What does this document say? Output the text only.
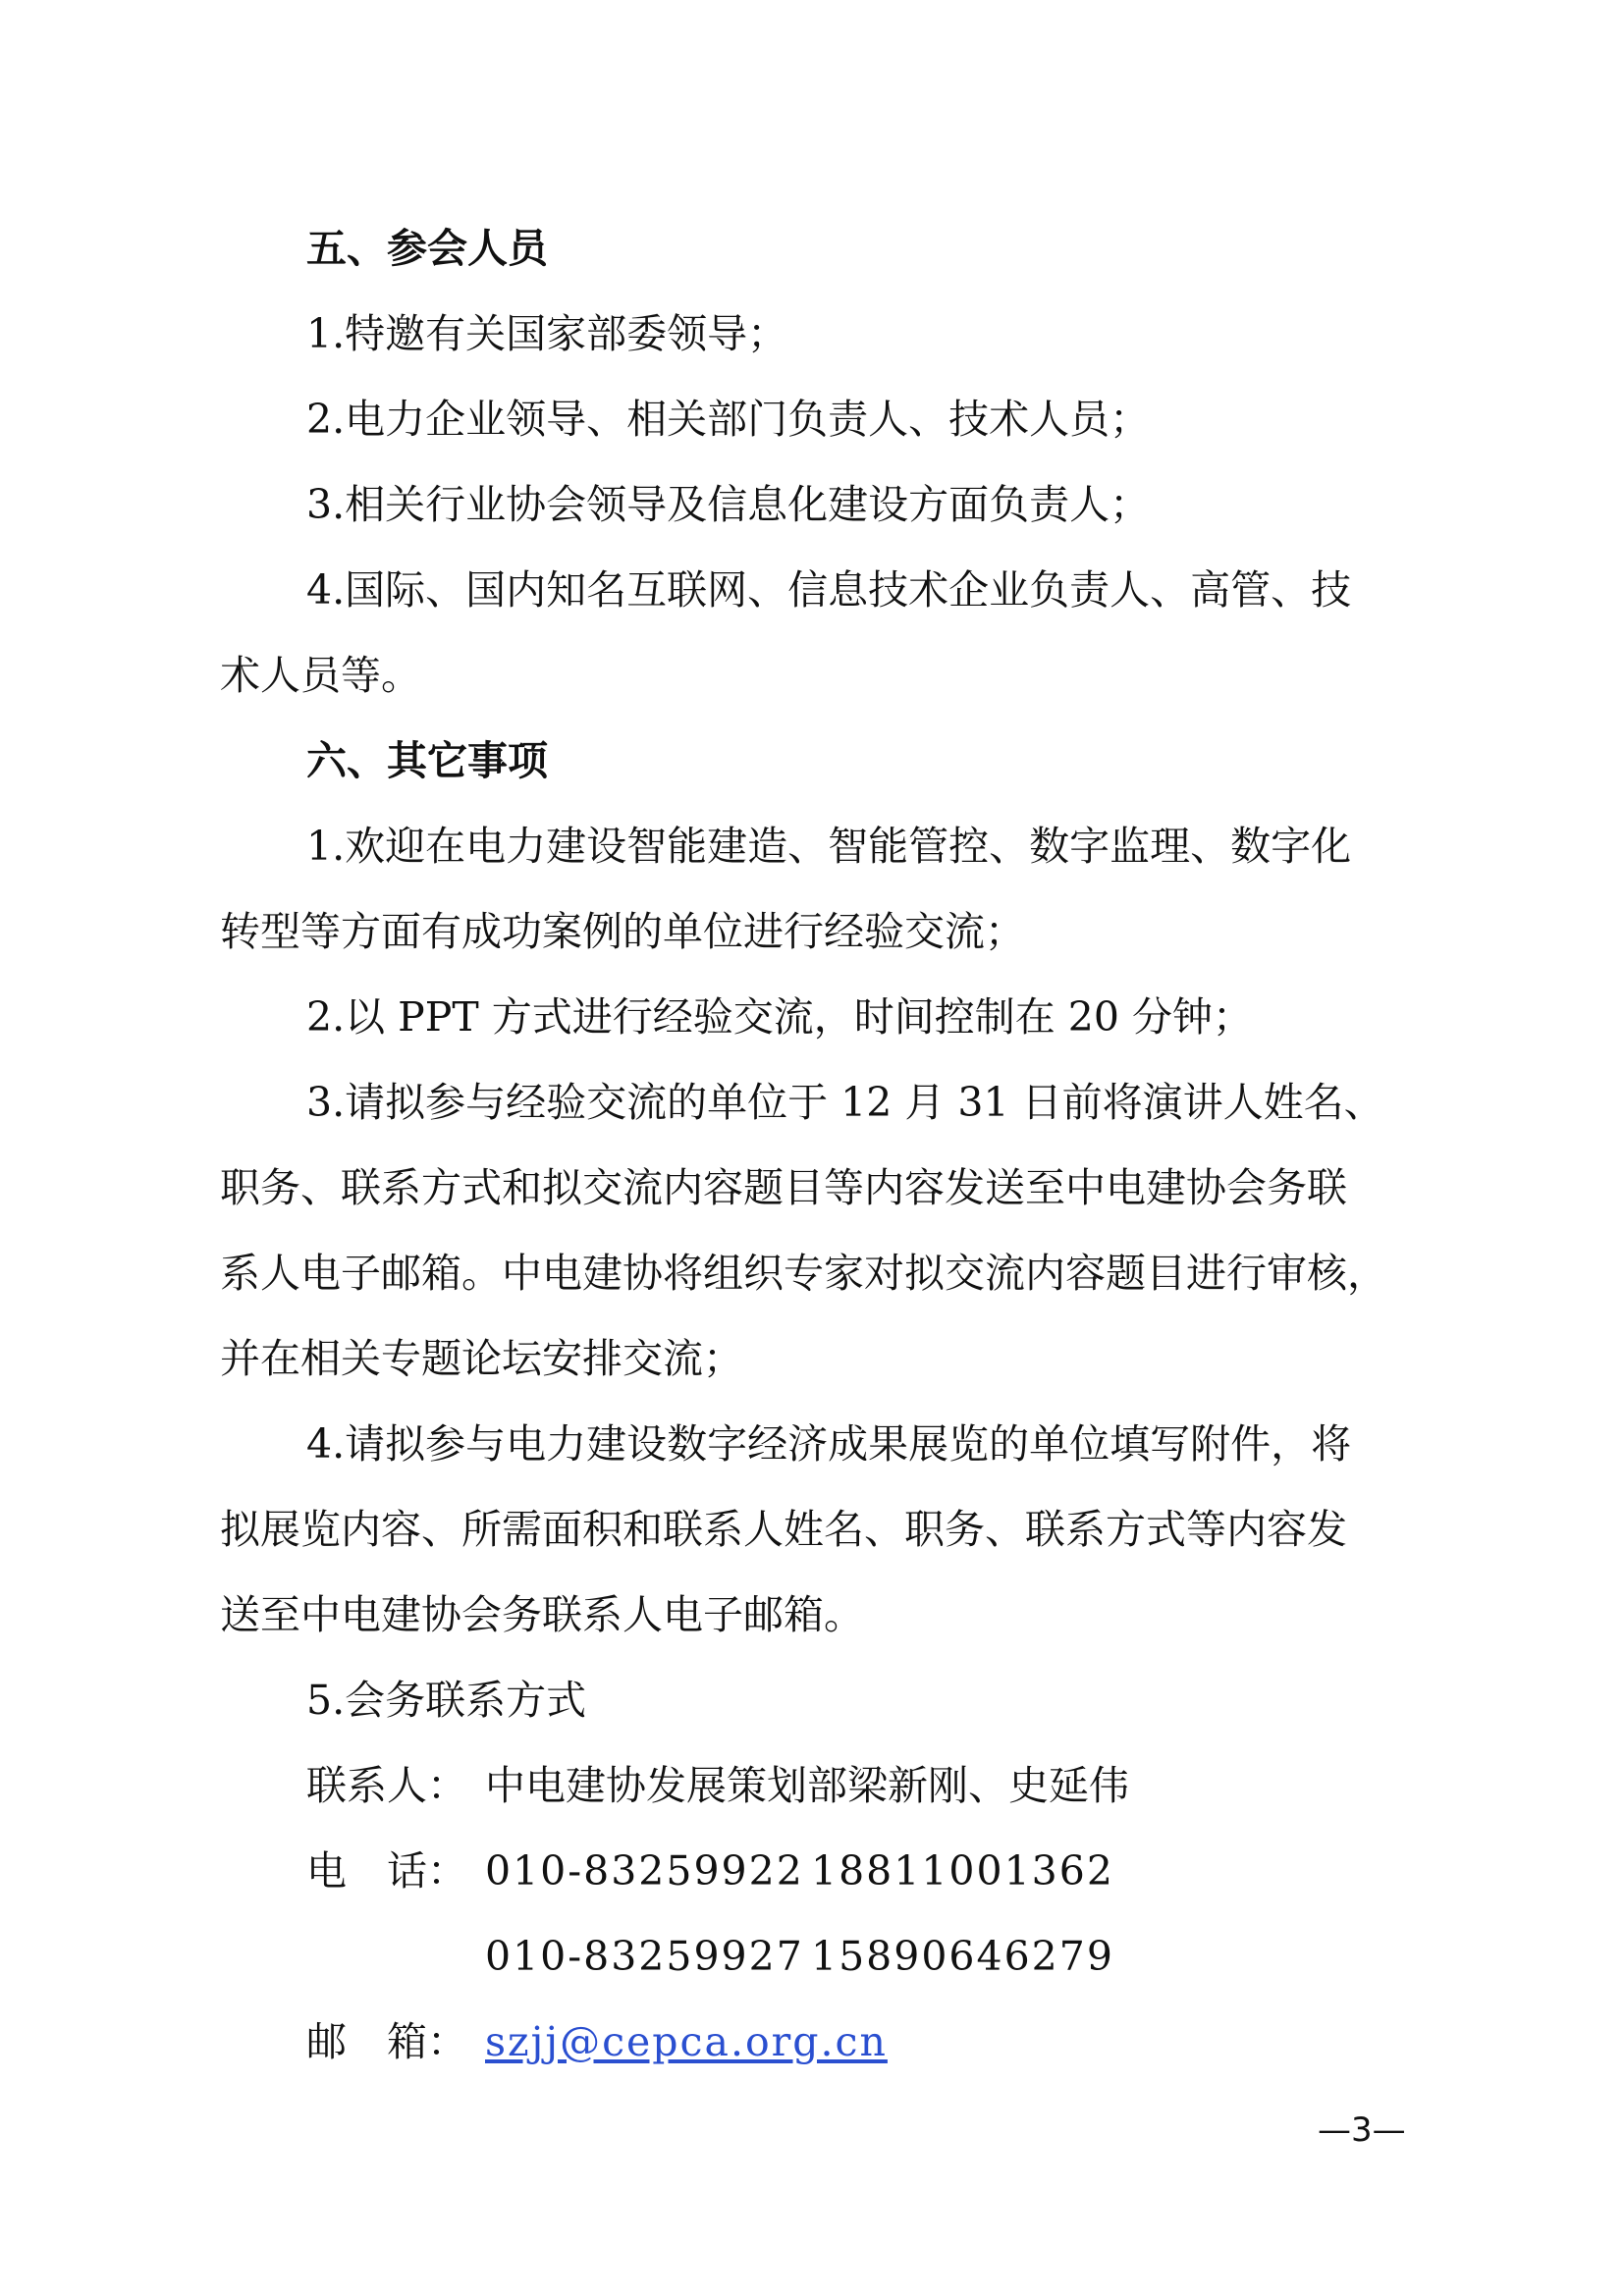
五、参会人员
1.特邀有关国家部委领导；
2.电力企业领导、相关部门负责人、技术人员；
3.相关行业协会领导及信息化建设方面负责人；
4.国际、国内知名互联网、信息技术企业负责人、高管、技
术人员等。
六、其它事项
1.欢迎在电力建设智能建造、智能管控、数字监理、数字化
转型等方面有成功案例的单位进行经验交流；
2.以 PPT 方式进行经验交流，时间控制在 20 分钟；
3.请拟参与经验交流的单位于 12 月 31 日前将演讲人姓名、
职务、联系方式和拟交流内容题目等内容发送至中电建协会务联
系人电子邮箱。中电建协将组织专家对拟交流内容题目进行审核，
并在相关专题论坛安排交流；
4.请拟参与电力建设数字经济成果展览的单位填写附件，将
拟展览内容、所需面积和联系人姓名、职务、联系方式等内容发
送至中电建协会务联系人电子邮箱。
5.会务联系方式
联系人： 中电建协发展策划部梁新刚、史延伟
电　话： 010-83259922 18811001362
010-83259927 15890646279
邮　箱： szjj@cepca.org.cn
—3—
